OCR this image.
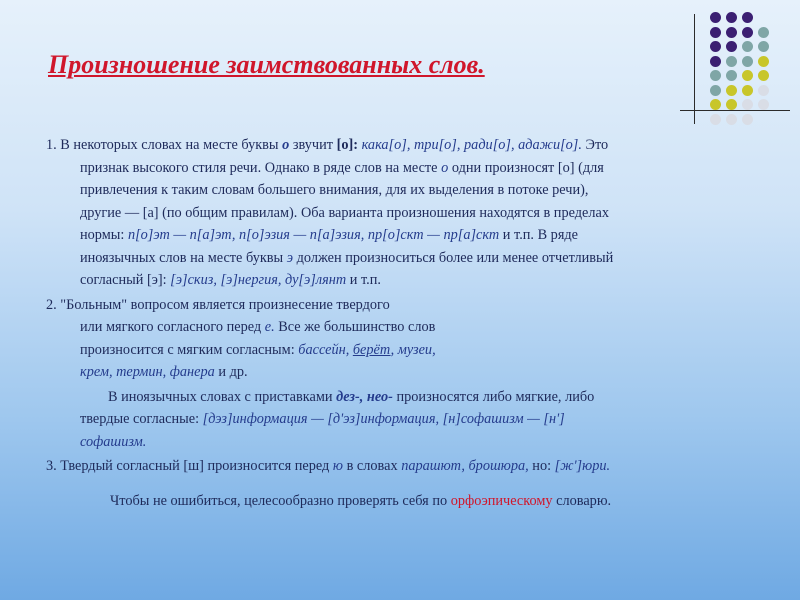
Произношение заимствованных слов.

1. В некоторых словах на месте буквы о звучит [о]: кака[о], три[о], ради[о], адажи[о]. Это
признак высокого стиля речи. Однако в ряде слов на месте о одни произносят [о] (для
привлечения к таким словам большего внимания, для их выделения в потоке речи),
другие — [а] (по общим правилам). Оба варианта произношения находятся в пределах
нормы: п[о]эт — п[а]эт, п[о]эзия — п[а]эзия, пр[о]скт — пр[а]скт и т.п. В ряде
иноязычных слов на месте буквы э должен произноситься более или менее отчетливый
согласный [э]: [э]скиз, [э]нергия, ду[э]лянт и т.п.

2. "Больным" вопросом является произнесение твердого
или мягкого согласного перед е. Все же большинство слов
произносится с мягким согласным: бассейн, берёт, музеи,
крем, термин, фанера и др.

В иноязычных словах с приставками дез-, нео- произносятся либо мягкие, либо
твердые согласные: [дэз]информация — [д'эз]информация, [н]софашизм — [н']
софашизм.

3. Твердый согласный [ш] произносится перед ю в словах парашют, брошюра, но: [ж']юри.

Чтобы не ошибиться, целесообразно проверять себя по орфоэпическому словарю.
